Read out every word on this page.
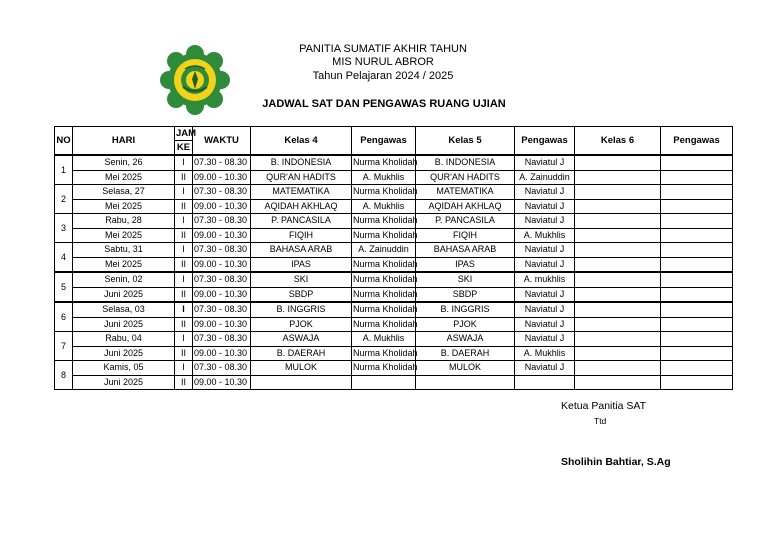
PANITIA SUMATIF AKHIR TAHUN
MIS NURUL ABROR
Tahun Pelajaran 2024 / 2025
JADWAL SAT DAN PENGAWAS RUANG UJIAN
NO	HARI	JAM	WAKTU	Kelas 4	Pengawas	Kelas 5	Pengawas	Kelas 6	Pengawas
		KE							
1	Senin, 26	I	07.30 - 08.30	B. INDONESIA	Nurma Kholidah	B. INDONESIA	Naviatul J		
	Mei 2025	II	09.00 - 10.30	QUR'AN HADITS	A. Mukhlis	QUR'AN HADITS	A. Zainuddin		
2	Selasa, 27	I	07.30 - 08.30	MATEMATIKA	Nurma Kholidah	MATEMATIKA	Naviatul J		
	Mei 2025	II	09.00 - 10.30	AQIDAH AKHLAQ	A. Mukhlis	AQIDAH AKHLAQ	Naviatul J		
3	Rabu, 28	I	07.30 - 08.30	P. PANCASILA	Nurma Kholidah	P. PANCASILA	Naviatul J		
	Mei 2025	II	09.00 - 10.30	FIQIH	Nurma Kholidah	FIQIH	A. Mukhlis		
4	Sabtu, 31	I	07.30 - 08.30	BAHASA ARAB	A. Zainuddin	BAHASA ARAB	Naviatul J		
	Mei 2025	II	09.00 - 10.30	IPAS	Nurma Kholidah	IPAS	Naviatul J		
5	Senin, 02	I	07.30 - 08.30	SKI	Nurma Kholidah	SKI	A. mukhlis		
	Juni 2025	II	09.00 - 10.30	SBDP	Nurma Kholidah	SBDP	Naviatul J		
6	Selasa, 03	I	07.30 - 08.30	B. INGGRIS	Nurma Kholidah	B. INGGRIS	Naviatul J		
	Juni 2025	II	09.00 - 10.30	PJOK	Nurma Kholidah	PJOK	Naviatul J		
7	Rabu, 04	I	07.30 - 08.30	ASWAJA	A. Mukhlis	ASWAJA	Naviatul J		
	Juni 2025	II	09.00 - 10.30	B. DAERAH	Nurma Kholidah	B. DAERAH	A. Mukhlis		
8	Kamis, 05	I	07.30 - 08.30	MULOK	Nurma Kholidah	MULOK	Naviatul J		
	Juni 2025	II	09.00 - 10.30						
Ketua Panitia SAT
Ttd
Sholihin Bahtiar, S.Ag
